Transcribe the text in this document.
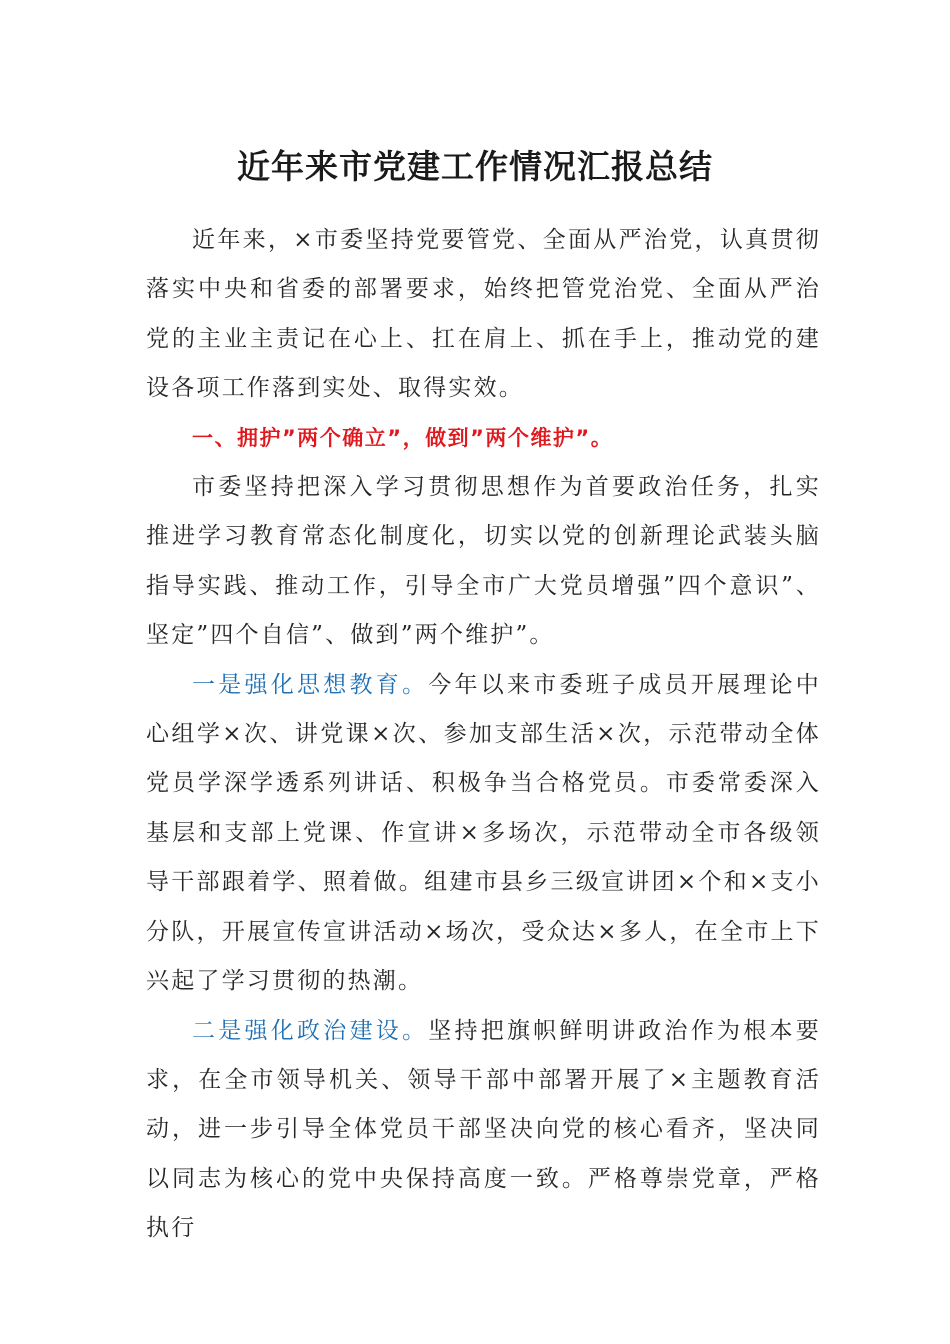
近年来市党建工作情况汇报总结

近年来，×市委坚持党要管党、全面从严治党，认真贯彻落实中央和省委的部署要求，始终把管党治党、全面从严治党的主业主责记在心上、扛在肩上、抓在手上，推动党的建设各项工作落到实处、取得实效。

一、拥护”两个确立”，做到”两个维护”。

市委坚持把深入学习贯彻思想作为首要政治任务，扎实推进学习教育常态化制度化，切实以党的创新理论武装头脑指导实践、推动工作，引导全市广大党员增强”四个意识”、坚定”四个自信”、做到”两个维护”。

一是强化思想教育。今年以来市委班子成员开展理论中心组学×次、讲党课×次、参加支部生活×次，示范带动全体党员学深学透系列讲话、积极争当合格党员。市委常委深入基层和支部上党课、作宣讲×多场次，示范带动全市各级领导干部跟着学、照着做。组建市县乡三级宣讲团×个和×支小分队，开展宣传宣讲活动×场次，受众达×多人，在全市上下兴起了学习贯彻的热潮。

二是强化政治建设。坚持把旗帜鲜明讲政治作为根本要求，在全市领导机关、领导干部中部署开展了×主题教育活动，进一步引导全体党员干部坚决向党的核心看齐，坚决同以同志为核心的党中央保持高度一致。严格尊崇党章，严格执行
